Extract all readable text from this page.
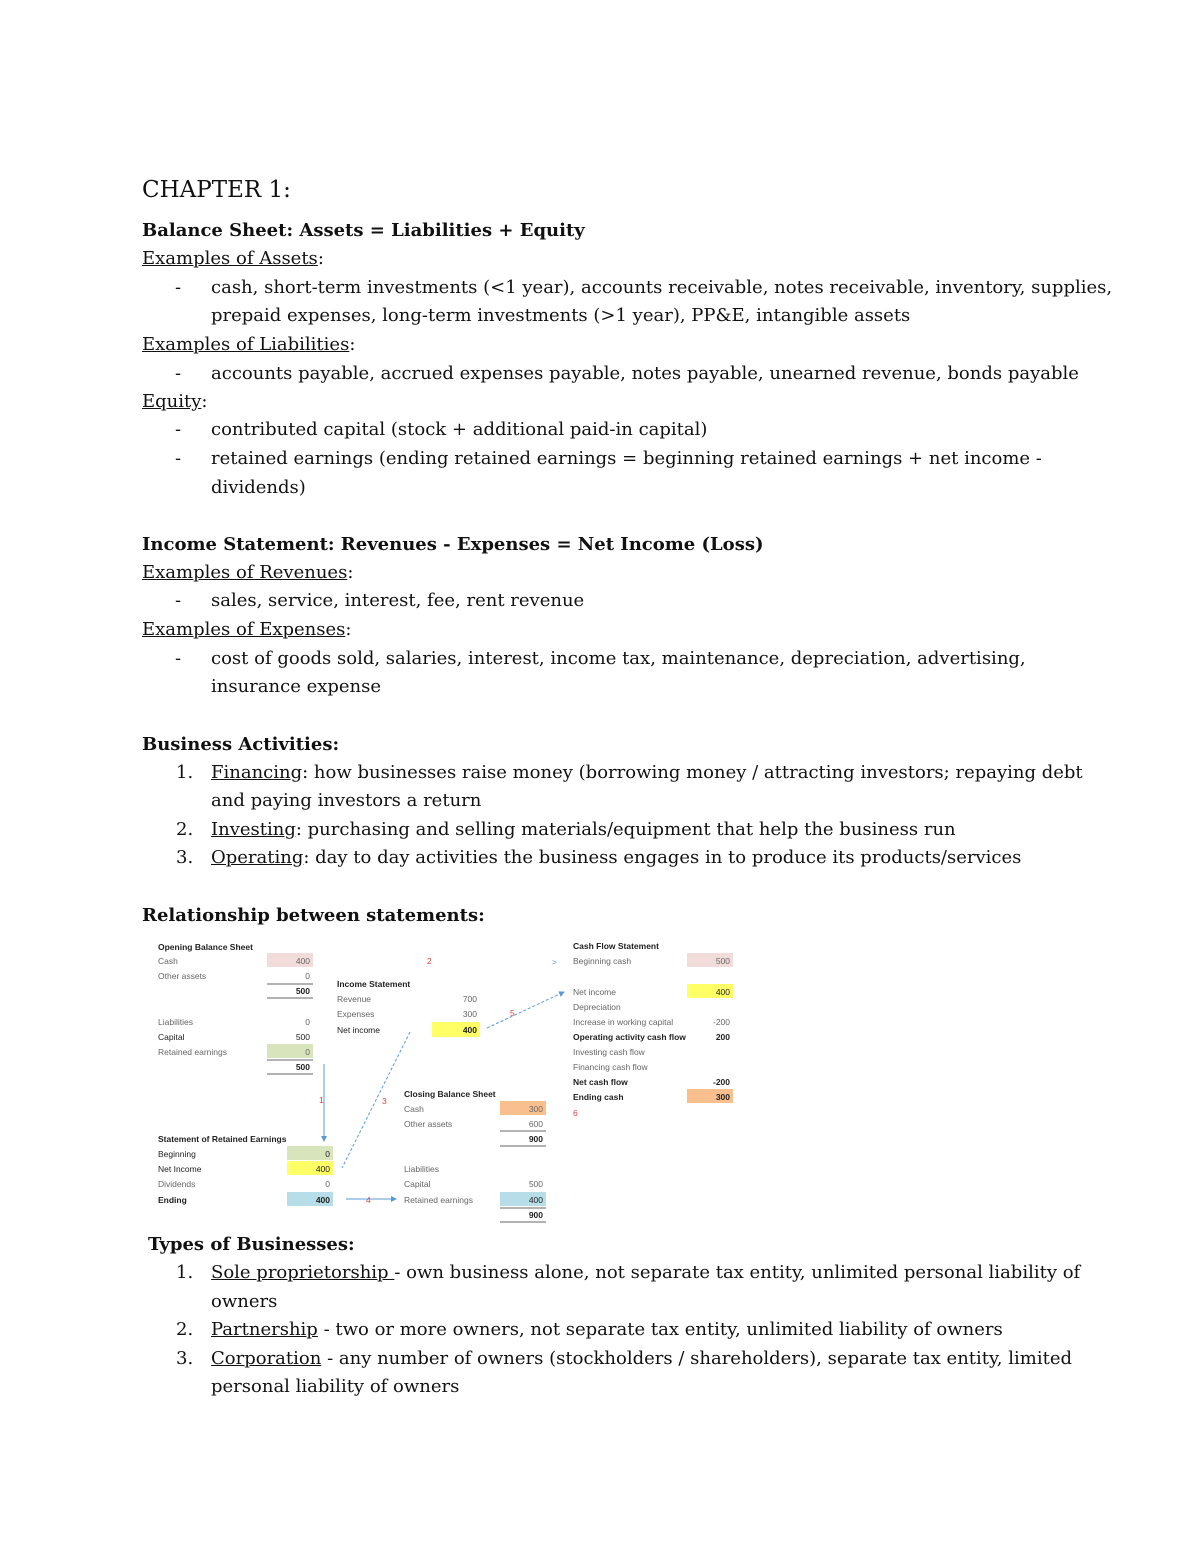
CHAPTER 1:
Balance Sheet: Assets = Liabilities + Equity
Examples of Assets:
- cash, short-term investments (<1 year), accounts receivable, notes receivable, inventory, supplies,
prepaid expenses, long-term investments (>1 year), PP&E, intangible assets
Examples of Liabilities:
- accounts payable, accrued expenses payable, notes payable, unearned revenue, bonds payable
Equity:
- contributed capital (stock + additional paid-in capital)
- retained earnings (ending retained earnings = beginning retained earnings + net income -
dividends)
Income Statement: Revenues - Expenses = Net Income (Loss)
Examples of Revenues:
- sales, service, interest, fee, rent revenue
Examples of Expenses:
- cost of goods sold, salaries, interest, income tax, maintenance, depreciation, advertising,
insurance expense
Business Activities:
1. Financing: how businesses raise money (borrowing money / attracting investors; repaying debt
and paying investors a return
2. Investing: purchasing and selling materials/equipment that help the business run
3. Operating: day to day activities the business engages in to produce its products/services
Relationship between statements:
Opening Balance Sheet
Cash	400
Other assets	0
500
Liabilities	0
Capital	500
Retained earnings	0
500
1
Statement of Retained Earnings
Beginning	0
Net Income	400
Dividends	0
Ending	400	4
Income Statement
Revenue	700
Expenses	300
Net income	400
2
3
5
Closing Balance Sheet
Cash	300
Other assets	600
900
Liabilities
Capital	500
Retained earnings	400
900
Cash Flow Statement
> Beginning cash	500
Net income	400
Depreciation
Increase in working capital	-200
Operating activity cash flow	200
Investing cash flow
Financing cash flow
Net cash flow	-200
Ending cash	300
6
Types of Businesses:
1. Sole proprietorship - own business alone, not separate tax entity, unlimited personal liability of
owners
2. Partnership - two or more owners, not separate tax entity, unlimited liability of owners
3. Corporation - any number of owners (stockholders / shareholders), separate tax entity, limited
personal liability of owners
